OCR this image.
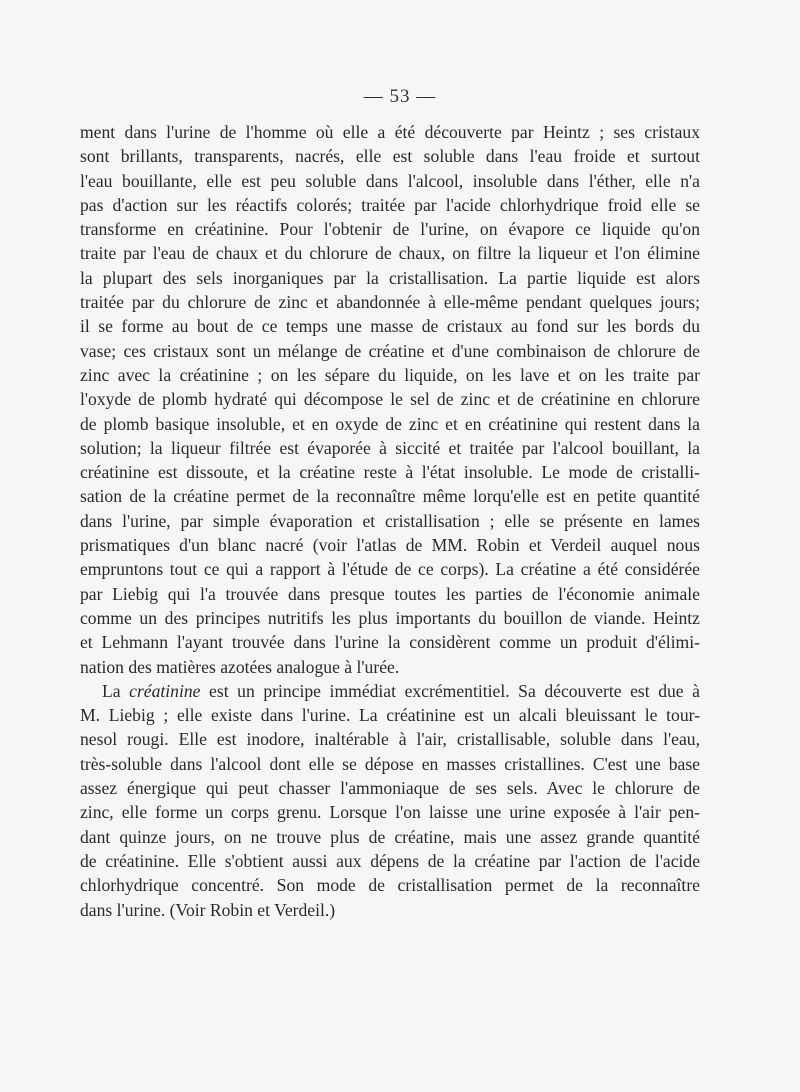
— 53 —
ment dans l'urine de l'homme où elle a été découverte par Heintz ; ses cristaux
sont brillants, transparents, nacrés, elle est soluble dans l'eau froide et surtout
l'eau bouillante, elle est peu soluble dans l'alcool, insoluble dans l'éther, elle n'a
pas d'action sur les réactifs colorés; traitée par l'acide chlorhydrique froid elle se
transforme en créatinine. Pour l'obtenir de l'urine, on évapore ce liquide qu'on
traite par l'eau de chaux et du chlorure de chaux, on filtre la liqueur et l'on élimine
la plupart des sels inorganiques par la cristallisation. La partie liquide est alors
traitée par du chlorure de zinc et abandonnée à elle-même pendant quelques jours;
il se forme au bout de ce temps une masse de cristaux au fond sur les bords du
vase; ces cristaux sont un mélange de créatine et d'une combinaison de chlorure de
zinc avec la créatinine ; on les sépare du liquide, on les lave et on les traite par
l'oxyde de plomb hydraté qui décompose le sel de zinc et de créatinine en chlorure
de plomb basique insoluble, et en oxyde de zinc et en créatinine qui restent dans la
solution; la liqueur filtrée est évaporée à siccité et traitée par l'alcool bouillant, la
créatinine est dissoute, et la créatine reste à l'état insoluble. Le mode de cristalli-
sation de la créatine permet de la reconnaître même lorqu'elle est en petite quantité
dans l'urine, par simple évaporation et cristallisation ; elle se présente en lames
prismatiques d'un blanc nacré (voir l'atlas de MM. Robin et Verdeil auquel nous
empruntons tout ce qui a rapport à l'étude de ce corps). La créatine a été considérée
par Liebig qui l'a trouvée dans presque toutes les parties de l'économie animale
comme un des principes nutritifs les plus importants du bouillon de viande. Heintz
et Lehmann l'ayant trouvée dans l'urine la considèrent comme un produit d'élimi-
nation des matières azotées analogue à l'urée.
La créatinine est un principe immédiat excrémentitiel. Sa découverte est due à
M. Liebig ; elle existe dans l'urine. La créatinine est un alcali bleuissant le tour-
nesol rougi. Elle est inodore, inaltérable à l'air, cristallisable, soluble dans l'eau,
très-soluble dans l'alcool dont elle se dépose en masses cristallines. C'est une base
assez énergique qui peut chasser l'ammoniaque de ses sels. Avec le chlorure de
zinc, elle forme un corps grenu. Lorsque l'on laisse une urine exposée à l'air pen-
dant quinze jours, on ne trouve plus de créatine, mais une assez grande quantité
de créatinine. Elle s'obtient aussi aux dépens de la créatine par l'action de l'acide
chlorhydrique concentré. Son mode de cristallisation permet de la reconnaître
dans l'urine. (Voir Robin et Verdeil.)
